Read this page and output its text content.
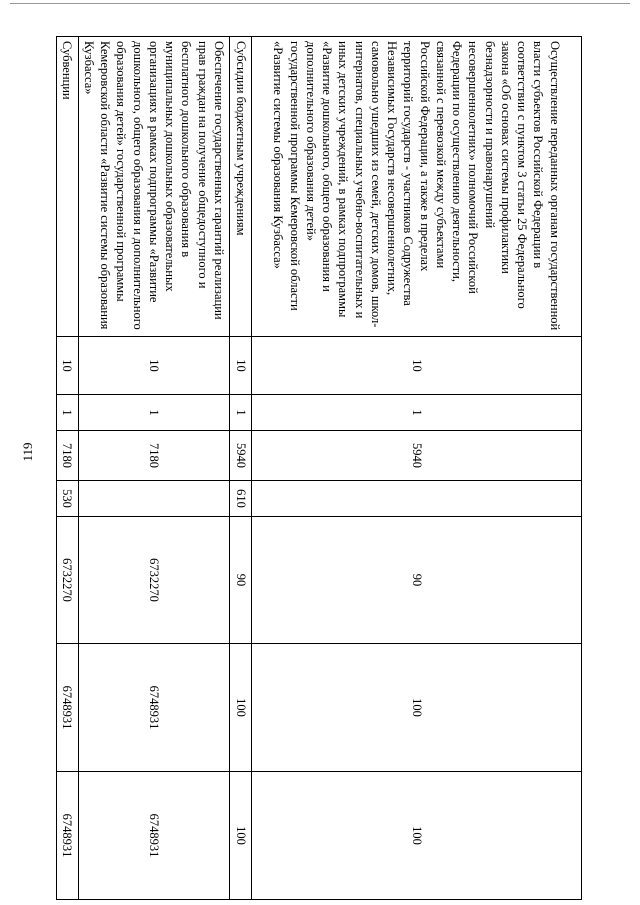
119
Осуществление переданных органам государственной власти субъектов Российской Федерации в соответствии с пунктом 3 статьи 25 Федерального закона «Об основах системы профилактики безнадзорности и правонарушений несовершеннолетних» полномочий Российской Федерации по осуществлению деятельности, связанной с перевозкой между субъектами Российской Федерации, а также в пределах территорий государств - участников Содружества Независимых Государств несовершеннолетних, самовольно ушедших из семей, детских домов, школ-интернатов, специальных учебно-воспитательных и иных детских учреждений, в рамках подпрограммы «Развитие дошкольного, общего образования и дополнительного образования детей» государственной программы Кемеровской области «Развитие системы образования Кузбасса»	10	1	5940		90	100	100
Субсидии бюджетным учреждениям	10	1	5940	610	90	100	100
Обеспечение государственных гарантий реализации прав граждан на получение общедоступного и бесплатного дошкольного образования в муниципальных дошкольных образовательных организациях в рамках подпрограммы «Развитие дошкольного, общего образования и дополнительного образования детей» государственной программы Кемеровской области «Развитие системы образования Кузбасса»	10	1	7180		6732270	6748931	6748931
Субвенции	10	1	7180	530	6732270	6748931	6748931
